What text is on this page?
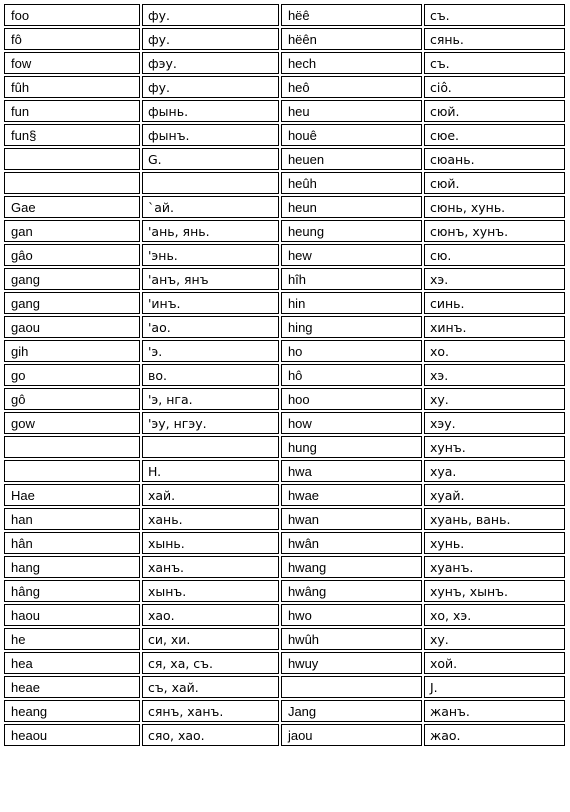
foo	фу.	hëê	съ.
fô	фу.	hëên	сянь.
fow	фэу.	hech	съ.
fûh	фу.	heô	ciô.
fun	фынь.	heu	сюй.
fun§	фынъ.	houê	сюе.
	G.	heuen	сюань.
		heûh	сюй.
Gae	`ай.	heun	сюнь, хунь.
gan	'ань, янь.	heung	сюнъ, хунъ.
gâo	'энь.	hew	сю.
gang	'анъ, янъ	hîh	хэ.
gang	'инъ.	hin	синь.
gaou	'ао.	hing	хинъ.
gih	'э.	ho	хо.
go	во.	hô	хэ.
gô	'э, нга.	hoo	ху.
gow	'эу, нгэу.	how	хэу.
		hung	хунъ.
	H.	hwa	хуа.
Hae	хай.	hwae	хуай.
han	хань.	hwan	хуань, вань.
hân	хынь.	hwân	хунь.
hang	ханъ.	hwang	хуанъ.
hâng	хынъ.	hwâng	хунъ, хынъ.
haou	хао.	hwo	хо, хэ.
he	си, хи.	hwûh	ху.
hea	ся, ха, съ.	hwuy	хой.
heae	съ, хай.		J.
heang	сянъ, ханъ.	Jang	жанъ.
heaou	сяо, хао.	jaou	жао.
